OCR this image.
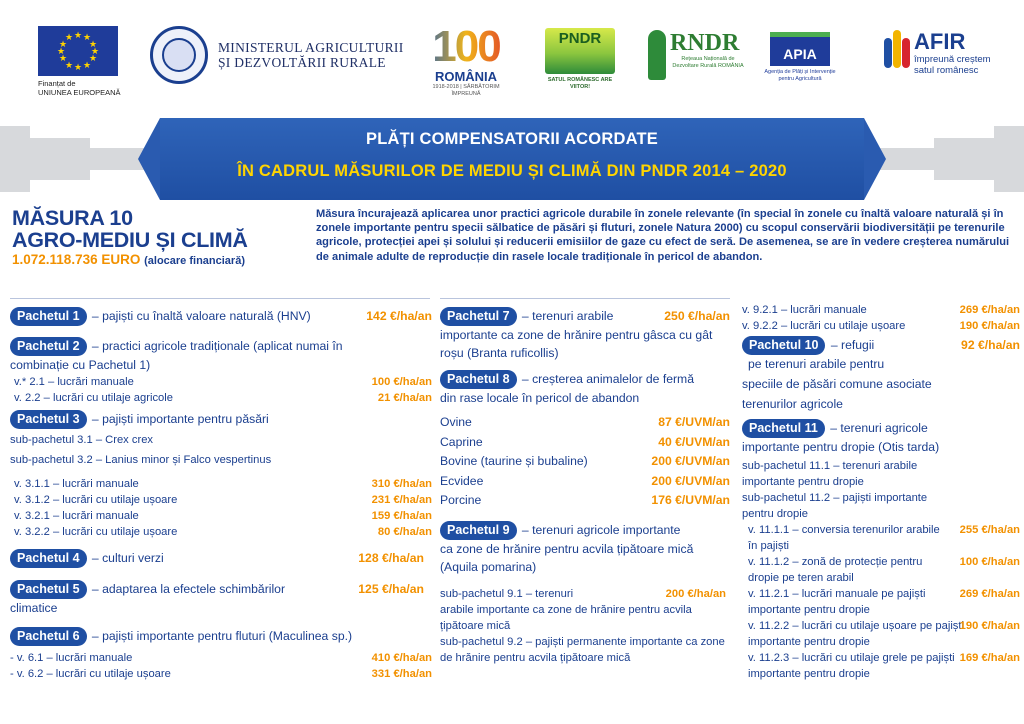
★ ★
★
★
★
★
★
★
★
★
★
★
Finanțat de
UNIUNEA EUROPEANĂ
MINISTERUL AGRICULTURII
ȘI DEZVOLTĂRII RURALE	100
ROMÂNIA
1918-2018 | SĂRBĂTORIM ÎMPREUNĂ
PNDR
SATUL ROMÂNESC ARE VIITOR!
RNDR
Rețeaua Națională de Dezvoltare Rurală ROMÂNIA
APIA
Agenția de Plăți și Intervenție pentru Agricultură
AFIR
împreună creștem
satul românesc
PLĂȚI COMPENSATORII ACORDATE
ÎN CADRUL MĂSURILOR DE MEDIU ȘI CLIMĂ DIN PNDR 2014 – 2020
MĂSURA 10
AGRO-MEDIU ȘI CLIMĂ
1.072.118.736 EURO (alocare financiară)
Măsura încurajează aplicarea unor practici agricole durabile în zonele relevante (în special în zonele cu înaltă valoare naturală și în zonele importante pentru specii sălbatice de păsări și fluturi, zonele Natura 2000) cu scopul conservării biodiversității pe terenurile agricole, protecției apei și solului și reducerii emisiilor de gaze cu efect de seră. De asemenea, se are în vedere creșterea numărului de animale adulte de reproducție din rasele locale tradiționale în pericol de abandon.
Pachetul 1 – pajiști cu înaltă valoare naturală (HNV)	142 €/ha/an
Pachetul 2 – practici agricole tradiționale (aplicat numai în
combinație cu Pachetul 1)
v.* 2.1 – lucrări manuale	100 €/ha/an
v. 2.2 – lucrări cu utilaje agricole	21 €/ha/an
Pachetul 3 – pajiști importante pentru păsări
sub-pachetul 3.1 – Crex crex
sub-pachetul 3.2 – Lanius minor și Falco vespertinus
v. 3.1.1 – lucrări manuale	310 €/ha/an
v. 3.1.2 – lucrări cu utilaje ușoare	231 €/ha/an
v. 3.2.1 – lucrări manuale	159 €/ha/an
v. 3.2.2 – lucrări cu utilaje ușoare	80 €/ha/an
Pachetul 4 – culturi verzi	128 €/ha/an
Pachetul 5 – adaptarea la efectele schimbărilor	125 €/ha/an
climatice
Pachetul 6 – pajiști importante pentru fluturi (Maculinea sp.)
- v. 6.1 – lucrări manuale	410 €/ha/an
- v. 6.2 – lucrări cu utilaje ușoare	331 €/ha/an
Pachetul 7 – terenuri arabile	250 €/ha/an
importante ca zone de hrănire pentru gâsca cu gât roșu (Branta ruficollis)
Pachetul 8 – creșterea animalelor de fermă
din rase locale în pericol de abandon
Ovine	87 €/UVM/an
Caprine	40 €/UVM/an
Bovine (taurine și bubaline)	200 €/UVM/an
Ecvidee	200 €/UVM/an
Porcine	176 €/UVM/an
Pachetul 9 – terenuri agricole importante
ca zone de hrănire pentru acvila țipătoare mică (Aquila pomarina)
sub-pachetul 9.1 – terenuri	200 €/ha/an
arabile importante ca zone de hrănire pentru acvila țipătoare mică
sub-pachetul 9.2 – pajiști permanente importante ca zone de hrănire pentru acvila țipătoare mică
v. 9.2.1 – lucrări manuale	269 €/ha/an
v. 9.2.2 – lucrări cu utilaje ușoare	190 €/ha/an
Pachetul 10 – refugii	92 €/ha/an
pe terenuri arabile pentru
speciile de păsări comune asociate
terenurilor agricole
Pachetul 11 – terenuri agricole
importante pentru dropie (Otis tarda)
sub-pachetul 11.1 – terenuri arabile importante pentru dropie
sub-pachetul 11.2 – pajiști importante pentru dropie
v. 11.1.1 – conversia terenurilor arabile în pajiști
255 €/ha/an
v. 11.1.2 – zonă de protecție pentru dropie pe teren arabil
100 €/ha/an
v. 11.2.1 – lucrări manuale pe pajiști importante pentru dropie
269 €/ha/an
v. 11.2.2 – lucrări cu utilaje ușoare pe pajiști importante pentru dropie
190 €/ha/an
v. 11.2.3 – lucrări cu utilaje grele pe pajiști importante pentru dropie
169 €/ha/an
